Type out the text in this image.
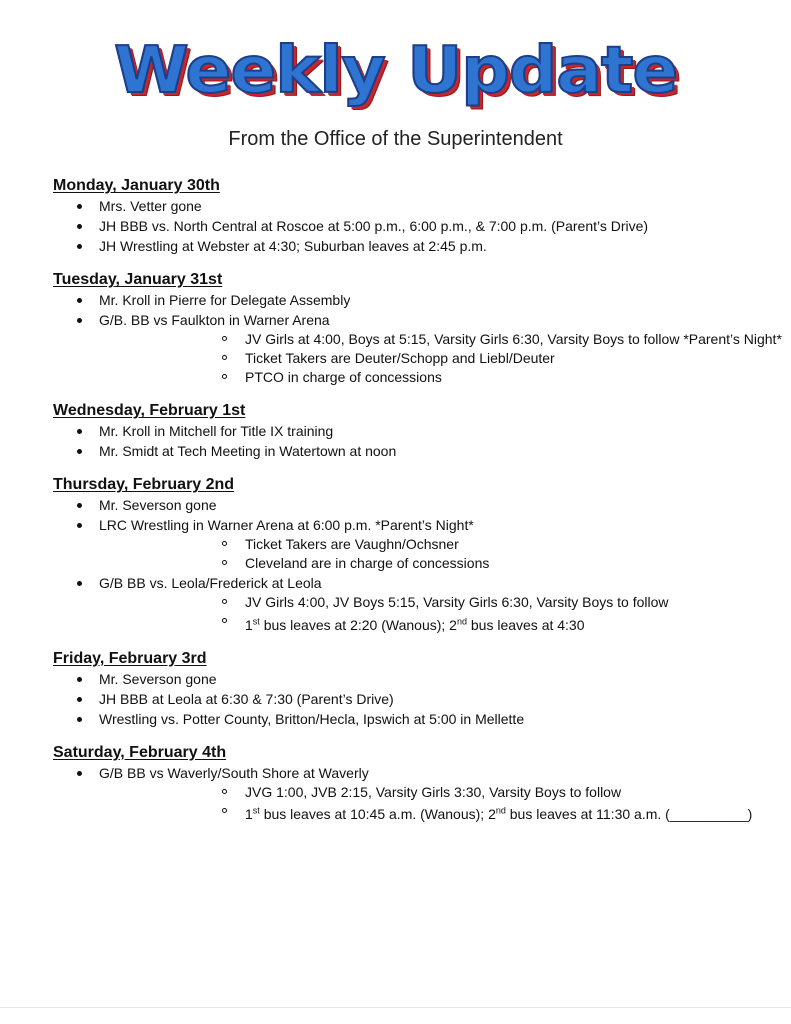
Weekly Update
From the Office of the Superintendent
Monday, January 30th
Mrs. Vetter gone
JH BBB vs. North Central at Roscoe at 5:00 p.m., 6:00 p.m., & 7:00 p.m. (Parent’s Drive)
JH Wrestling at Webster at 4:30; Suburban leaves at 2:45 p.m.
Tuesday, January 31st
Mr. Kroll in Pierre for Delegate Assembly
G/B. BB vs Faulkton in Warner Arena
JV Girls at 4:00, Boys at 5:15, Varsity Girls 6:30, Varsity Boys to follow *Parent’s Night*
Ticket Takers are Deuter/Schopp and Liebl/Deuter
PTCO in charge of concessions
Wednesday, February 1st
Mr. Kroll in Mitchell for Title IX training
Mr. Smidt at Tech Meeting in Watertown at noon
Thursday, February 2nd
Mr. Severson gone
LRC Wrestling in Warner Arena at 6:00 p.m. *Parent’s Night*
Ticket Takers are Vaughn/Ochsner
Cleveland are in charge of concessions
G/B BB vs. Leola/Frederick at Leola
JV Girls 4:00, JV Boys 5:15, Varsity Girls 6:30, Varsity Boys to follow
1st bus leaves at 2:20 (Wanous); 2nd bus leaves at 4:30
Friday, February 3rd
Mr. Severson gone
JH BBB at Leola at 6:30 & 7:30 (Parent’s Drive)
Wrestling vs. Potter County, Britton/Hecla, Ipswich at 5:00 in Mellette
Saturday, February 4th
G/B BB vs Waverly/South Shore at Waverly
JVG 1:00, JVB 2:15, Varsity Girls 3:30, Varsity Boys to follow
1st bus leaves at 10:45 a.m. (Wanous); 2nd bus leaves at 11:30 a.m. (__________)
